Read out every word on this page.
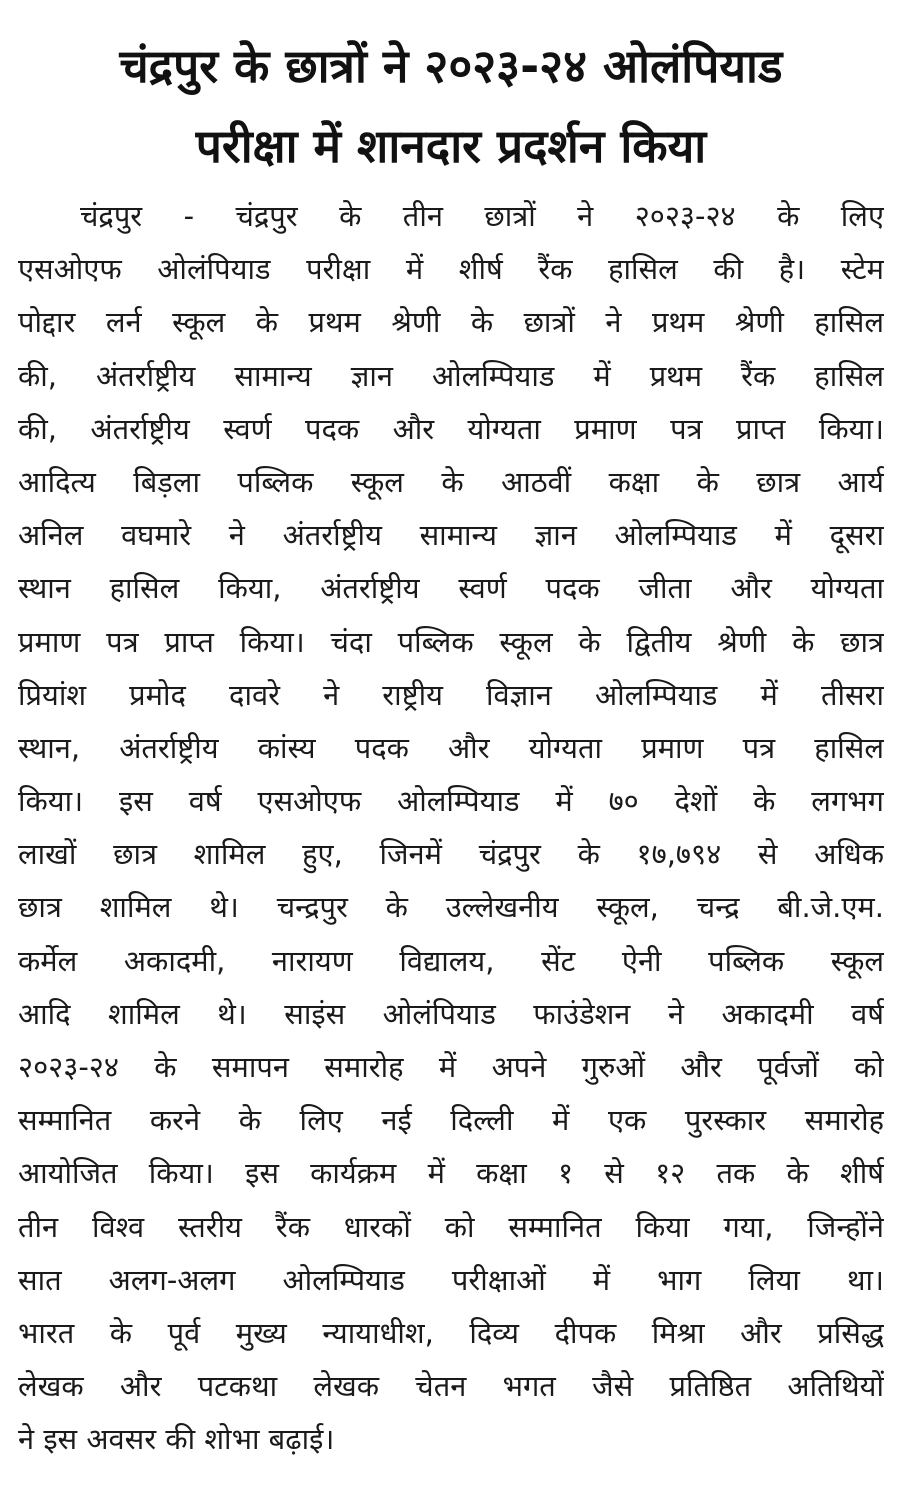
चंद्रपुर के छात्रों ने २०२३-२४ ओलंपियाड
परीक्षा में शानदार प्रदर्शन किया
चंद्रपुर - चंद्रपुर के तीन छात्रों ने २०२३-२४ के लिए
एसओएफ ओलंपियाड परीक्षा में शीर्ष रैंक हासिल की है। स्टेम
पोद्दार लर्न स्कूल के प्रथम श्रेणी के छात्रों ने प्रथम श्रेणी हासिल
की, अंतर्राष्ट्रीय सामान्य ज्ञान ओलम्पियाड में प्रथम रैंक हासिल
की, अंतर्राष्ट्रीय स्वर्ण पदक और योग्यता प्रमाण पत्र प्राप्त किया।
आदित्य बिड़ला पब्लिक स्कूल के आठवीं कक्षा के छात्र आर्य
अनिल वघमारे ने अंतर्राष्ट्रीय सामान्य ज्ञान ओलम्पियाड में दूसरा
स्थान हासिल किया, अंतर्राष्ट्रीय स्वर्ण पदक जीता और योग्यता
प्रमाण पत्र प्राप्त किया। चंदा पब्लिक स्कूल के द्वितीय श्रेणी के छात्र
प्रियांश प्रमोद दावरे ने राष्ट्रीय विज्ञान ओलम्पियाड में तीसरा
स्थान, अंतर्राष्ट्रीय कांस्य पदक और योग्यता प्रमाण पत्र हासिल
किया। इस वर्ष एसओएफ ओलम्पियाड में ७० देशों के लगभग
लाखों छात्र शामिल हुए, जिनमें चंद्रपुर के १७,७९४ से अधिक
छात्र शामिल थे। चन्द्रपुर के उल्लेखनीय स्कूल, चन्द्र बी.जे.एम.
कर्मेल अकादमी, नारायण विद्यालय, सेंट ऐनी पब्लिक स्कूल
आदि शामिल थे। साइंस ओलंपियाड फाउंडेशन ने अकादमी वर्ष
२०२३-२४ के समापन समारोह में अपने गुरुओं और पूर्वजों को
सम्मानित करने के लिए नई दिल्ली में एक पुरस्कार समारोह
आयोजित किया। इस कार्यक्रम में कक्षा १ से १२ तक के शीर्ष
तीन विश्व स्तरीय रैंक धारकों को सम्मानित किया गया, जिन्होंने
सात अलग-अलग ओलम्पियाड परीक्षाओं में भाग लिया था।
भारत के पूर्व मुख्य न्यायाधीश, दिव्य दीपक मिश्रा और प्रसिद्ध
लेखक और पटकथा लेखक चेतन भगत जैसे प्रतिष्ठित अतिथियों
ने इस अवसर की शोभा बढ़ाई।
